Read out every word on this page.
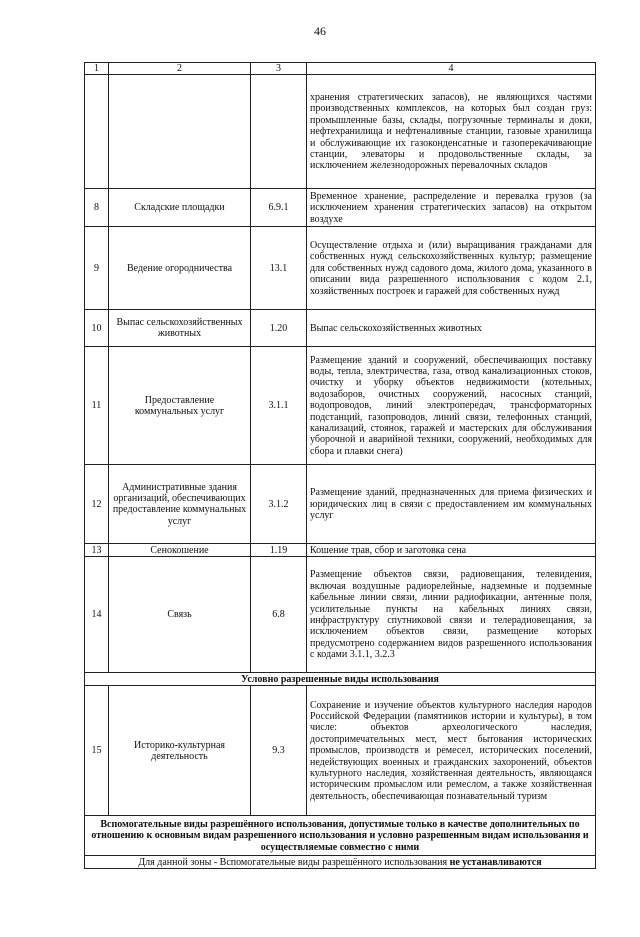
46
1	2	3	4
			хранения стратегических запасов), не являющихся частями производственных комплексов, на которых был создан груз: промышленные базы, склады, погрузочные терминалы и доки, нефтехранилища и нефтеналивные станции, газовые хранилища и обслуживающие их газоконденсатные и газоперекачивающие станции, элеваторы и продовольственные склады, за исключением железнодорожных перевалочных складов
8	Складские площадки	6.9.1	Временное хранение, распределение и перевалка грузов (за исключением хранения стратегических запасов) на открытом воздухе
9	Ведение огородничества	13.1	Осуществление отдыха и (или) выращивания гражданами для собственных нужд сельскохозяйственных культур; размещение для собственных нужд садового дома, жилого дома, указанного в описании вида разрешенного использования с кодом 2.1, хозяйственных построек и гаражей для собственных нужд
10	Выпас сельскохозяйственных животных	1.20	Выпас сельскохозяйственных животных
11	Предоставление коммунальных услуг	3.1.1	Размещение зданий и сооружений, обеспечивающих поставку воды, тепла, электричества, газа, отвод канализационных стоков, очистку и уборку объектов недвижимости (котельных, водозаборов, очистных сооружений, насосных станций, водопроводов, линий электропередач, трансформаторных подстанций, газопроводов, линий связи, телефонных станций, канализаций, стоянок, гаражей и мастерских для обслуживания уборочной и аварийной техники, сооружений, необходимых для сбора и плавки снега)
12	Административные здания организаций, обеспечивающих предоставление коммунальных услуг	3.1.2	Размещение зданий, предназначенных для приема физических и юридических лиц в связи с предоставлением им коммунальных услуг
13	Сенокошение	1.19	Кошение трав, сбор и заготовка сена
14	Связь	6.8	Размещение объектов связи, радиовещания, телевидения, включая воздушные радиорелейные, надземные и подземные кабельные линии связи, линии радиофикации, антенные поля, усилительные пункты на кабельных линиях связи, инфраструктуру спутниковой связи и телерадиовещания, за исключением объектов связи, размещение которых предусмотрено содержанием видов разрешенного использования с кодами 3.1.1, 3.2.3
Условно разрешенные виды использования			
15	Историко-культурная деятельность	9.3	Сохранение и изучение объектов культурного наследия народов Российской Федерации (памятников истории и культуры), в том числе: объектов археологического наследия, достопримечательных мест, мест бытования исторических промыслов, производств и ремесел, исторических поселений, недействующих военных и гражданских захоронений, объектов культурного наследия, хозяйственная деятельность, являющаяся историческим промыслом или ремеслом, а также хозяйственная деятельность, обеспечивающая познавательный туризм
Вспомогательные виды разрешённого использования, допустимые только в качестве дополнительных по отношению к основным видам разрешенного использования и условно разрешенным видам использования и осуществляемые совместно с ними			
Для данной зоны - Вспомогательные виды разрешённого использования не устанавливаются			
